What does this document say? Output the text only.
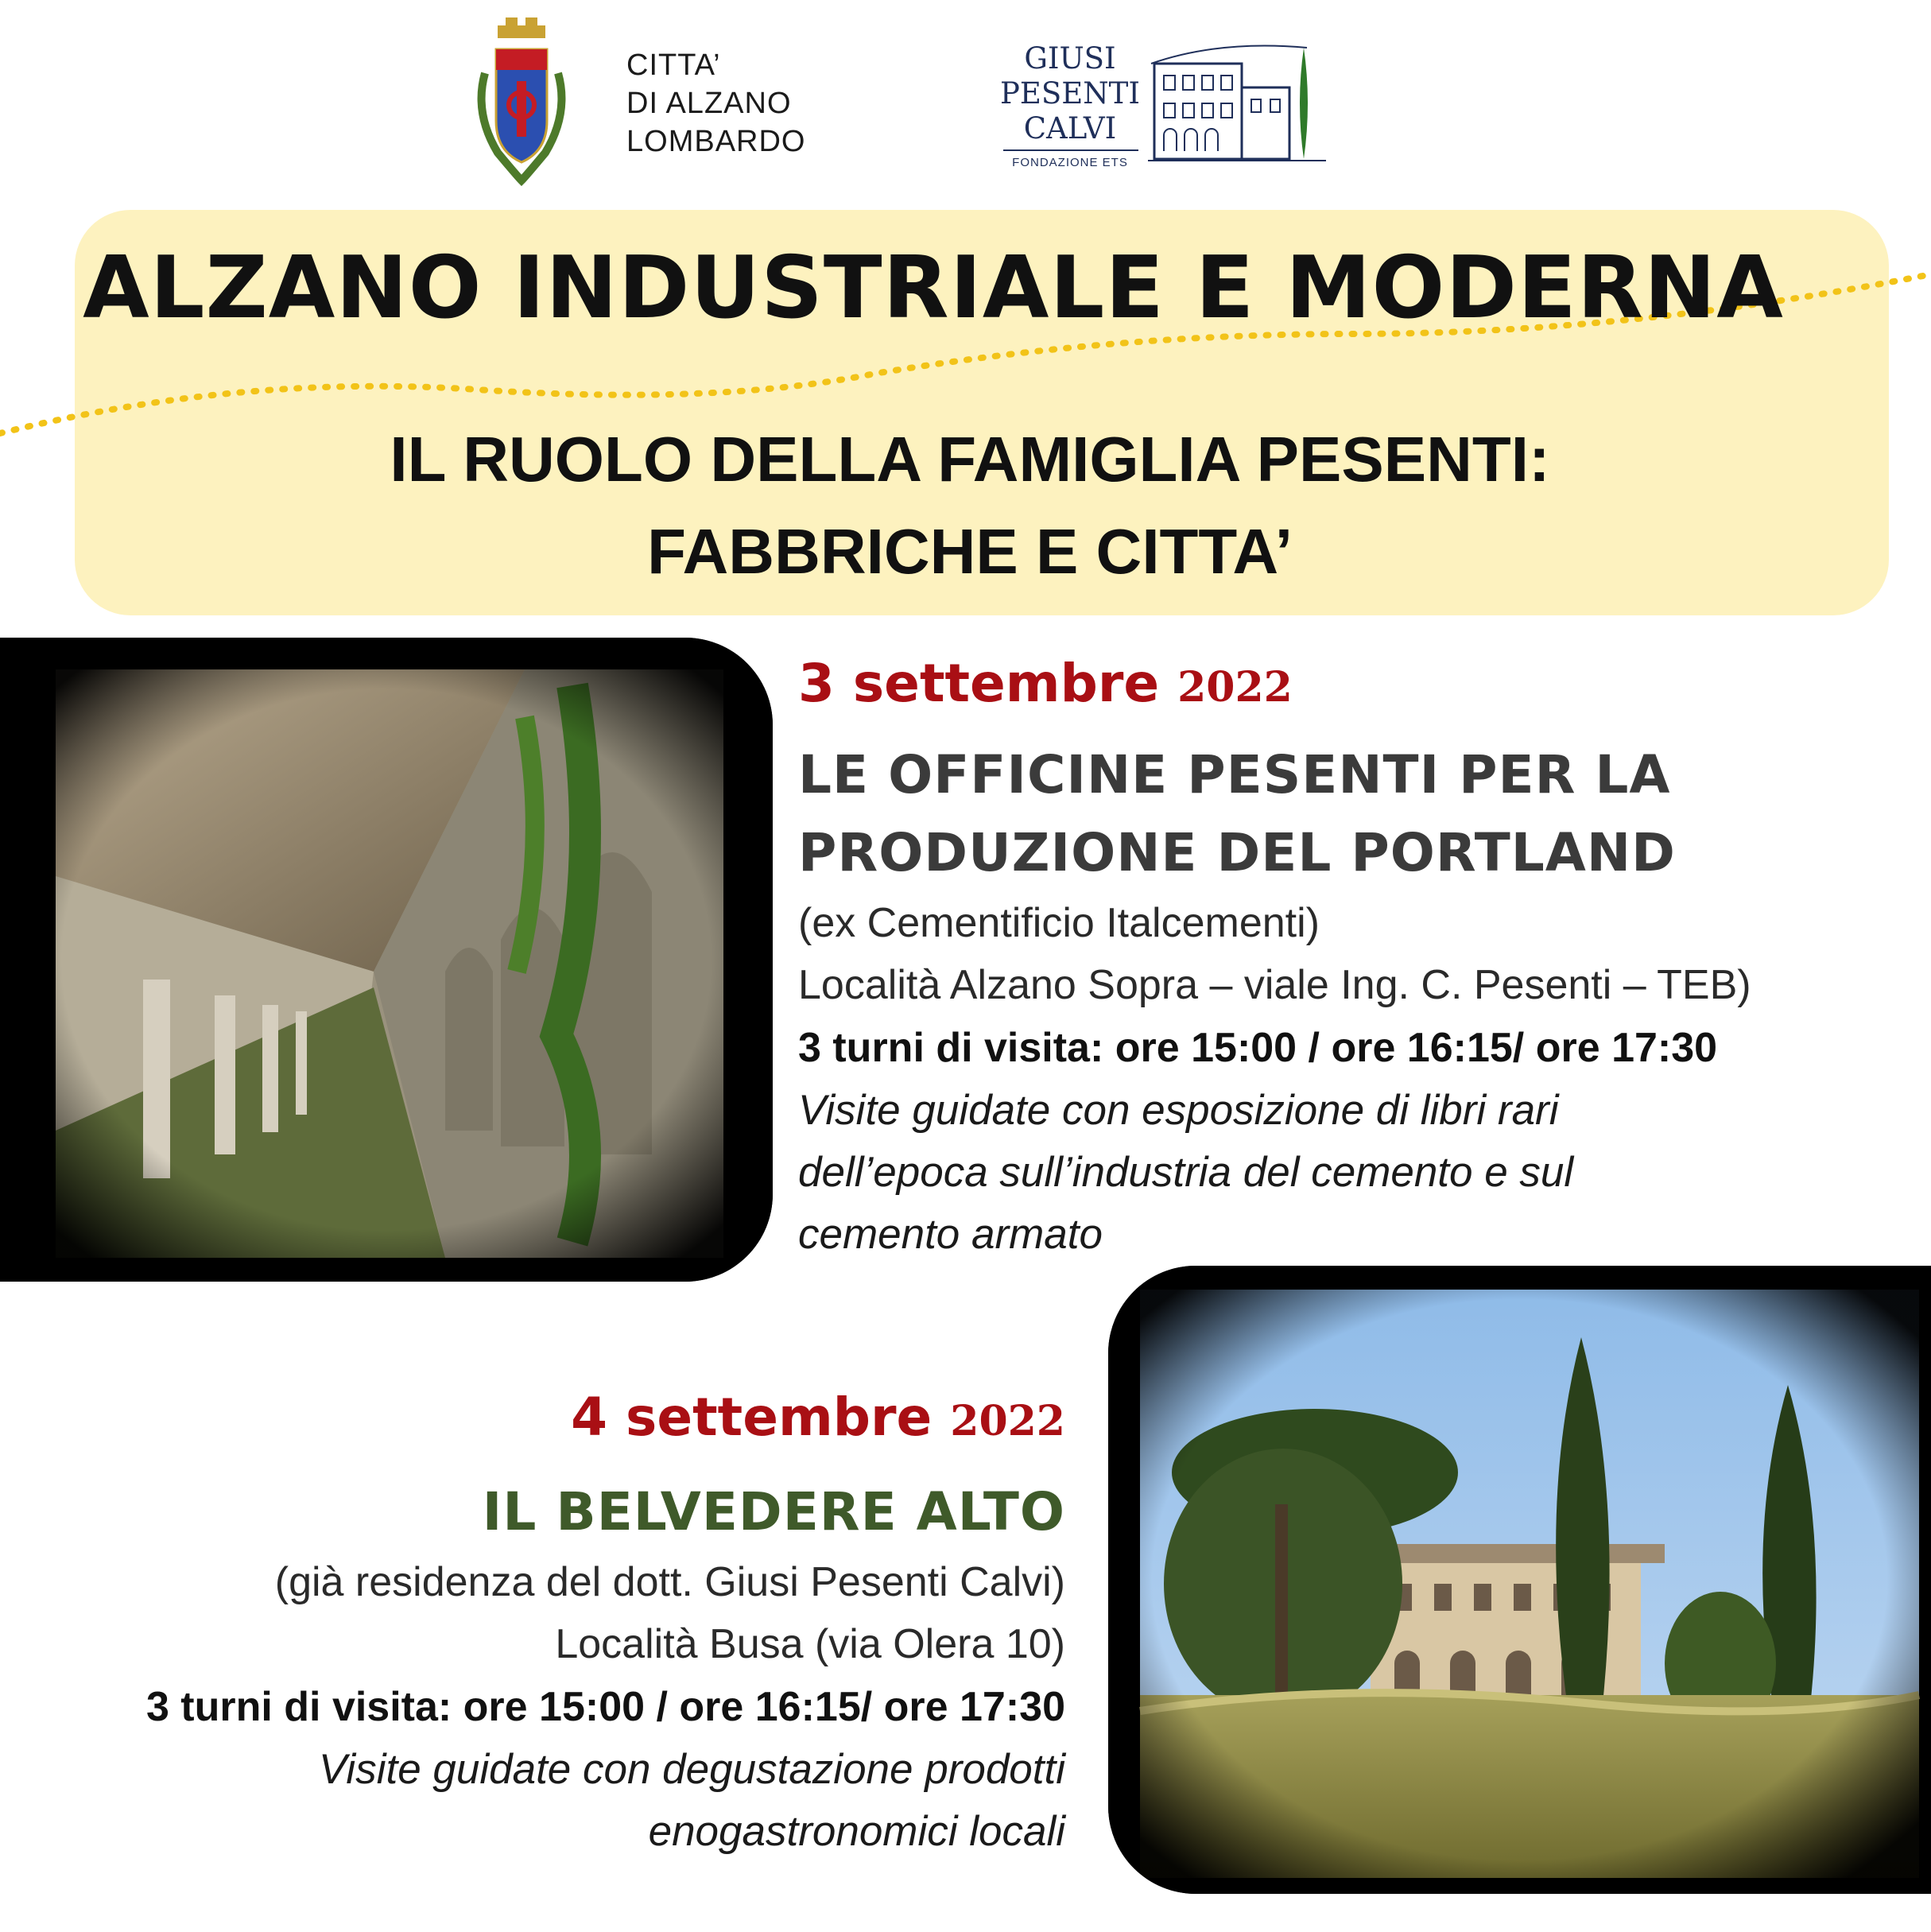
CITTA’
DI ALZANO
LOMBARDO
GIUSI
PESENTI
CALVI
FONDAZIONE ETS
ALZANO INDUSTRIALE E MODERNA
IL RUOLO DELLA FAMIGLIA PESENTI:
FABBRICHE E CITTA’
3 settembre 2022
LE OFFICINE PESENTI PER LA
PRODUZIONE DEL PORTLAND
(ex Cementificio Italcementi)
Località Alzano Sopra – viale Ing. C. Pesenti – TEB)
3 turni di visita: ore 15:00 / ore 16:15/ ore 17:30
Visite guidate con esposizione di libri rari
dell’epoca sull’industria del cemento e sul
cemento armato
4 settembre 2022
IL BELVEDERE ALTO
(già residenza del dott. Giusi Pesenti Calvi)
Località Busa (via Olera 10)
3 turni di visita: ore 15:00 / ore 16:15/ ore 17:30
Visite guidate con degustazione prodotti
enogastronomici locali
